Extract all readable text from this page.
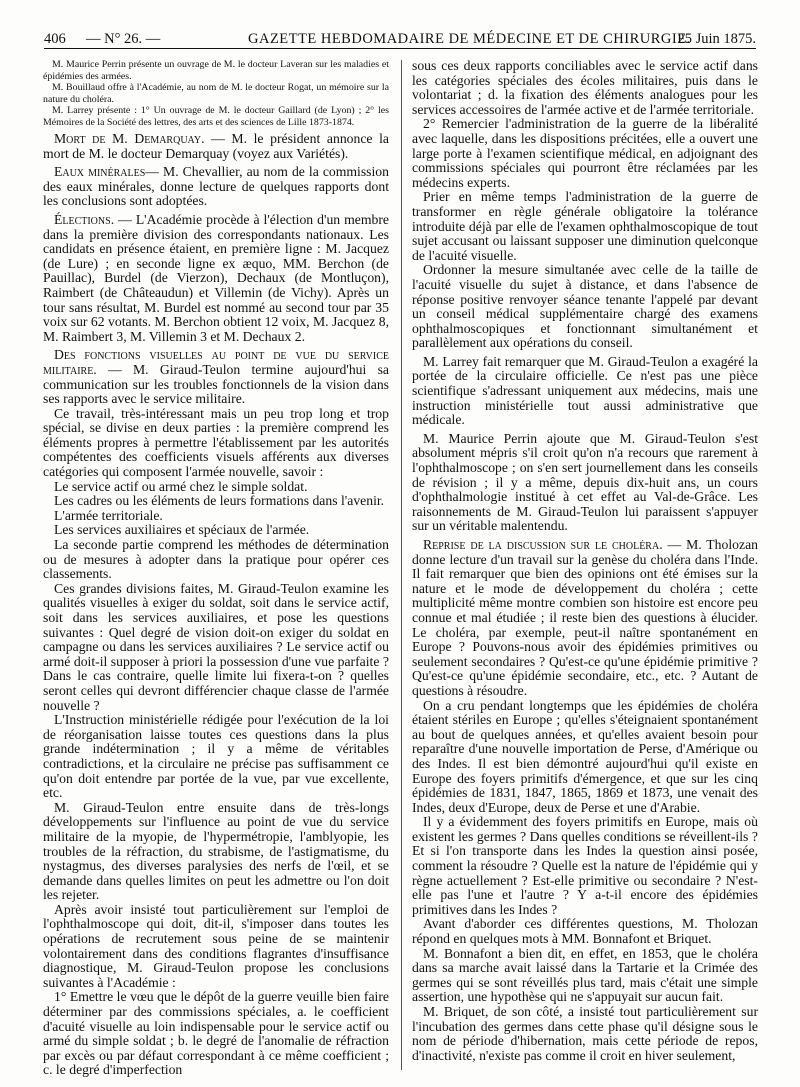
406 — N° 26. —	GAZETTE HEBDOMADAIRE DE MÉDECINE ET DE CHIRURGIE.
25 Juin 1875.

M. Maurice Perrin présente un ouvrage de M. le docteur Laveran sur les maladies et épidémies des armées.

M. Bouillaud offre à l'Académie, au nom de M. le docteur Rogat, un mémoire sur la nature du choléra.

M. Larrey présente : 1° Un ouvrage de M. le docteur Gaillard (de Lyon) ; 2° les Mémoires de la Société des lettres, des arts et des sciences de Lille 1873-1874.

Mort de M. Demarquay. — M. le président annonce la mort de M. le docteur Demarquay (voyez aux Variétés).

Eaux minérales— M. Chevallier, au nom de la commission des eaux minérales, donne lecture de quelques rapports dont les conclusions sont adoptées.

Élections. — L'Académie procède à l'élection d'un membre dans la première division des correspondants nationaux. Les candidats en présence étaient, en première ligne : M. Jacquez (de Lure) ; en seconde ligne ex æquo, MM. Berchon (de Pauillac), Burdel (de Vierzon), Dechaux (de Montluçon), Raimbert (de Châteaudun) et Villemin (de Vichy). Après un tour sans résultat, M. Burdel est nommé au second tour par 35 voix sur 62 votants. M. Berchon obtient 12 voix, M. Jacquez 8, M. Raimbert 3, M. Villemin 3 et M. Dechaux 2.

Des fonctions visuelles au point de vue du service militaire. — M. Giraud-Teulon termine aujourd'hui sa communication sur les troubles fonctionnels de la vision dans ses rapports avec le service militaire.

Ce travail, très-intéressant mais un peu trop long et trop spécial, se divise en deux parties : la première comprend les éléments propres à permettre l'établissement par les autorités compétentes des coefficients visuels afférents aux diverses catégories qui composent l'armée nouvelle, savoir :

Le service actif ou armé chez le simple soldat.

Les cadres ou les éléments de leurs formations dans l'avenir.

L'armée territoriale.

Les services auxiliaires et spéciaux de l'armée.

La seconde partie comprend les méthodes de détermination ou de mesures à adopter dans la pratique pour opérer ces classements.

Ces grandes divisions faites, M. Giraud-Teulon examine les qualités visuelles à exiger du soldat, soit dans le service actif, soit dans les services auxiliaires, et pose les questions suivantes : Quel degré de vision doit-on exiger du soldat en campagne ou dans les services auxiliaires ? Le service actif ou armé doit-il supposer à priori la possession d'une vue parfaite ? Dans le cas contraire, quelle limite lui fixera-t-on ? quelles seront celles qui devront différencier chaque classe de l'armée nouvelle ?

L'Instruction ministérielle rédigée pour l'exécution de la loi de réorganisation laisse toutes ces questions dans la plus grande indétermination ; il y a même de véritables contradictions, et la circulaire ne précise pas suffisamment ce qu'on doit entendre par portée de la vue, par vue excellente, etc.

M. Giraud-Teulon entre ensuite dans de très-longs développements sur l'influence au point de vue du service militaire de la myopie, de l'hypermétropie, l'amblyopie, les troubles de la réfraction, du strabisme, de l'astigmatisme, du nystagmus, des diverses paralysies des nerfs de l'œil, et se demande dans quelles limites on peut les admettre ou l'on doit les rejeter.

Après avoir insisté tout particulièrement sur l'emploi de l'ophthalmoscope qui doit, dit-il, s'imposer dans toutes les opérations de recrutement sous peine de se maintenir volontairement dans des conditions flagrantes d'insuffisance diagnostique, M. Giraud-Teulon propose les conclusions suivantes à l'Académie :

1° Emettre le vœu que le dépôt de la guerre veuille bien faire déterminer par des commissions spéciales, a. le coefficient d'acuité visuelle au loin indispensable pour le service actif ou armé du simple soldat ; b. le degré de l'anomalie de réfraction par excès ou par défaut correspondant à ce même coefficient ; c. le degré d'imperfection

sous ces deux rapports conciliables avec le service actif dans les catégories spéciales des écoles militaires, puis dans le volontariat ; d. la fixation des éléments analogues pour les services accessoires de l'armée active et de l'armée territoriale.

2° Remercier l'administration de la guerre de la libéralité avec laquelle, dans les dispositions précitées, elle a ouvert une large porte à l'examen scientifique médical, en adjoignant des commissions spéciales qui pourront être réclamées par les médecins experts.

Prier en même temps l'administration de la guerre de transformer en règle générale obligatoire la tolérance introduite déjà par elle de l'examen ophthalmoscopique de tout sujet accusant ou laissant supposer une diminution quelconque de l'acuité visuelle.

Ordonner la mesure simultanée avec celle de la taille de l'acuité visuelle du sujet à distance, et dans l'absence de réponse positive renvoyer séance tenante l'appelé par devant un conseil médical supplémentaire chargé des examens ophthalmoscopiques et fonctionnant simultanément et parallèlement aux opérations du conseil.

M. Larrey fait remarquer que M. Giraud-Teulon a exagéré la portée de la circulaire officielle. Ce n'est pas une pièce scientifique s'adressant uniquement aux médecins, mais une instruction ministérielle tout aussi administrative que médicale.

M. Maurice Perrin ajoute que M. Giraud-Teulon s'est absolument mépris s'il croit qu'on n'a recours que rarement à l'ophthalmoscope ; on s'en sert journellement dans les conseils de révision ; il y a même, depuis dix-huit ans, un cours d'ophthalmologie institué à cet effet au Val-de-Grâce. Les raisonnements de M. Giraud-Teulon lui paraissent s'appuyer sur un véritable malentendu.

Reprise de la discussion sur le choléra. — M. Tholozan donne lecture d'un travail sur la genèse du choléra dans l'Inde. Il fait remarquer que bien des opinions ont été émises sur la nature et le mode de développement du choléra ; cette multiplicité même montre combien son histoire est encore peu connue et mal étudiée ; il reste bien des questions à élucider. Le choléra, par exemple, peut-il naître spontanément en Europe ? Pouvons-nous avoir des épidémies primitives ou seulement secondaires ? Qu'est-ce qu'une épidémie primitive ? Qu'est-ce qu'une épidémie secondaire, etc., etc. ? Autant de questions à résoudre.

On a cru pendant longtemps que les épidémies de choléra étaient stériles en Europe ; qu'elles s'éteignaient spontanément au bout de quelques années, et qu'elles avaient besoin pour reparaître d'une nouvelle importation de Perse, d'Amérique ou des Indes. Il est bien démontré aujourd'hui qu'il existe en Europe des foyers primitifs d'émergence, et que sur les cinq épidémies de 1831, 1847, 1865, 1869 et 1873, une venait des Indes, deux d'Europe, deux de Perse et une d'Arabie.

Il y a évidemment des foyers primitifs en Europe, mais où existent les germes ? Dans quelles conditions se réveillent-ils ? Et si l'on transporte dans les Indes la question ainsi posée, comment la résoudre ? Quelle est la nature de l'épidémie qui y règne actuellement ? Est-elle primitive ou secondaire ? N'est-elle pas l'une et l'autre ? Y a-t-il encore des épidémies primitives dans les Indes ?

Avant d'aborder ces différentes questions, M. Tholozan répond en quelques mots à MM. Bonnafont et Briquet.

M. Bonnafont a bien dit, en effet, en 1853, que le choléra dans sa marche avait laissé dans la Tartarie et la Crimée des germes qui se sont réveillés plus tard, mais c'était une simple assertion, une hypothèse qui ne s'appuyait sur aucun fait.

M. Briquet, de son côté, a insisté tout particulièrement sur l'incubation des germes dans cette phase qu'il désigne sous le nom de période d'hibernation, mais cette période de repos, d'inactivité, n'existe pas comme il croit en hiver seulement,
